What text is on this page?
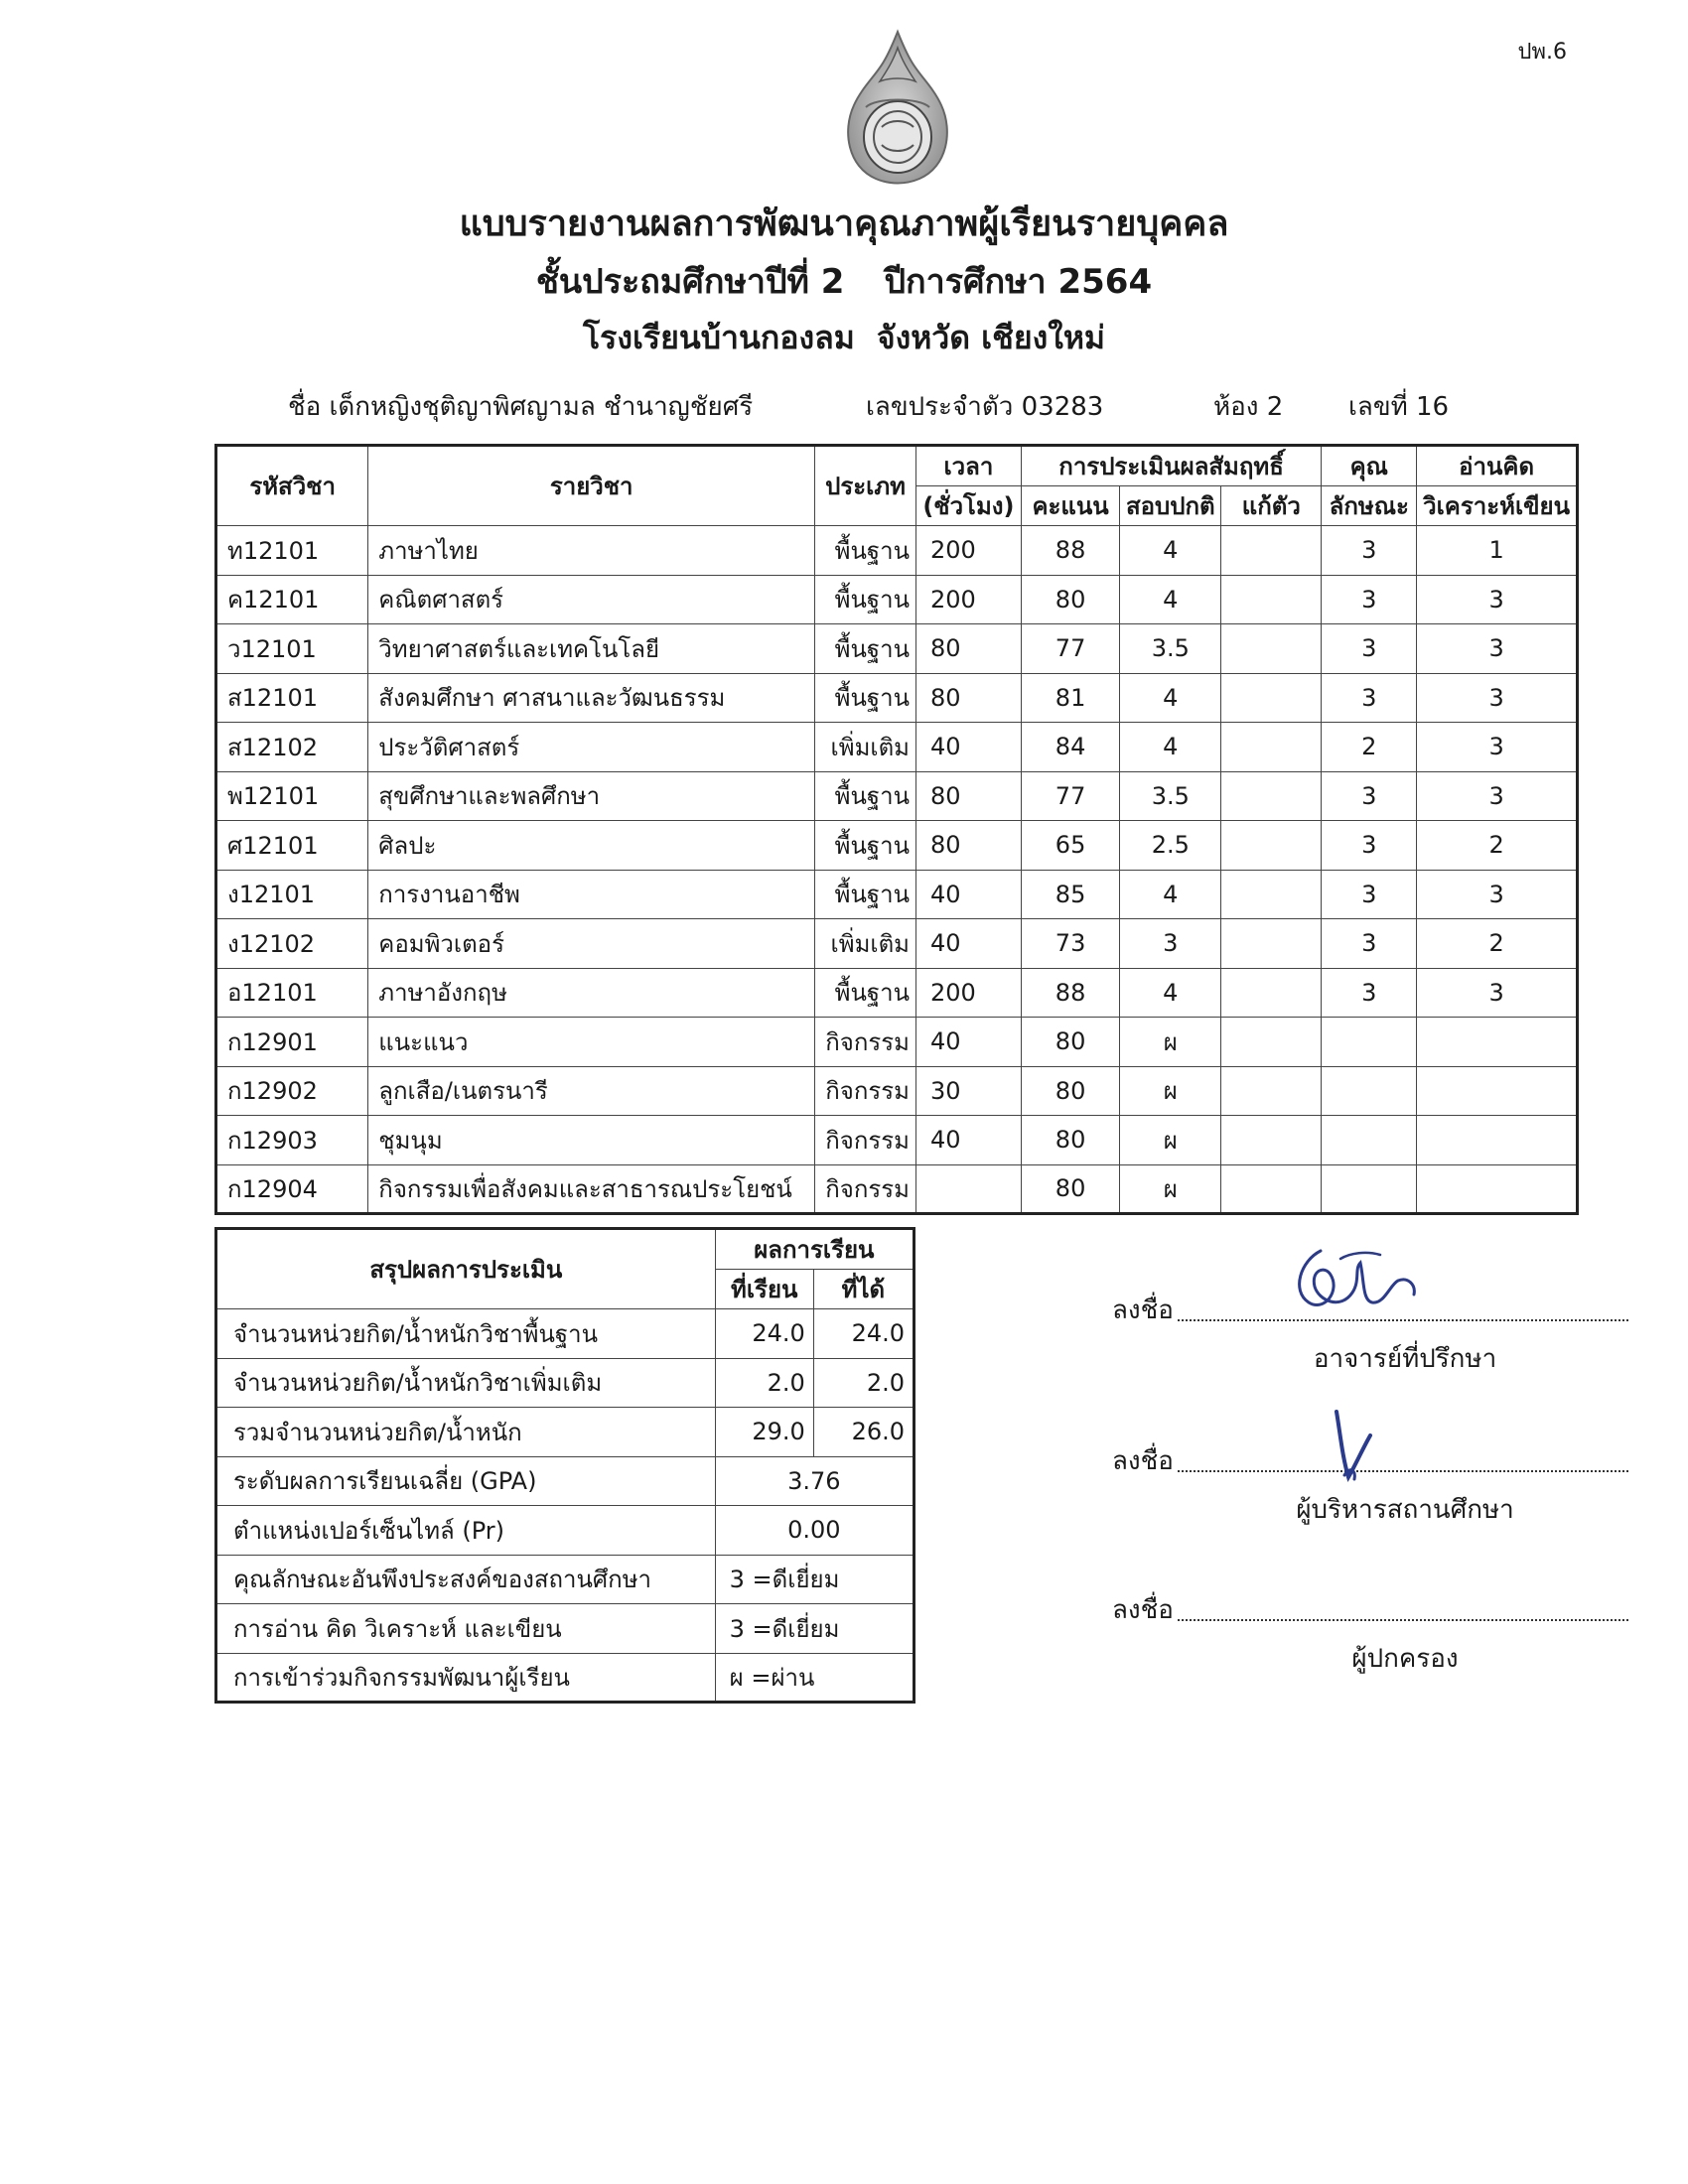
ปพ.6
แบบรายงานผลการพัฒนาคุณภาพผู้เรียนรายบุคคล
ชั้นประถมศึกษาปีที่ 2 ปีการศึกษา 2564
โรงเรียนบ้านกองลม จังหวัด เชียงใหม่
ชื่อ เด็กหญิงชุติญาพิศญามล ชำนาญชัยศรี	เลขประจำตัว 03283	ห้อง 2	เลขที่ 16
รหัสวิชา	รายวิชา	ประเภท	เวลา	การประเมินผลสัมฤทธิ์			คุณ	อ่านคิด
			(ชั่วโมง)	คะแนน	สอบปกติ	แก้ตัว	ลักษณะ	วิเคราะห์เขียน
ท12101	ภาษาไทย	พื้นฐาน	200	88	4		3	1
ค12101	คณิตศาสตร์	พื้นฐาน	200	80	4		3	3
ว12101	วิทยาศาสตร์และเทคโนโลยี	พื้นฐาน	80	77	3.5		3	3
ส12101	สังคมศึกษา ศาสนาและวัฒนธรรม	พื้นฐาน	80	81	4		3	3
ส12102	ประวัติศาสตร์	เพิ่มเติม	40	84	4		2	3
พ12101	สุขศึกษาและพลศึกษา	พื้นฐาน	80	77	3.5		3	3
ศ12101	ศิลปะ	พื้นฐาน	80	65	2.5		3	2
ง12101	การงานอาชีพ	พื้นฐาน	40	85	4		3	3
ง12102	คอมพิวเตอร์	เพิ่มเติม	40	73	3		3	2
อ12101	ภาษาอังกฤษ	พื้นฐาน	200	88	4		3	3
ก12901	แนะแนว	กิจกรรม	40	80	ผ			
ก12902	ลูกเสือ/เนตรนารี	กิจกรรม	30	80	ผ			
ก12903	ชุมนุม	กิจกรรม	40	80	ผ			
ก12904	กิจกรรมเพื่อสังคมและสาธารณประโยชน์	กิจกรรม		80	ผ			
สรุปผลการประเมิน	ผลการเรียน	
	ที่เรียน	ที่ได้
จำนวนหน่วยกิต/น้ำหนักวิชาพื้นฐาน	24.0	24.0
จำนวนหน่วยกิต/น้ำหนักวิชาเพิ่มเติม	2.0	2.0
รวมจำนวนหน่วยกิต/น้ำหนัก	29.0	26.0
ระดับผลการเรียนเฉลี่ย (GPA)	3.76	
ตำแหน่งเปอร์เซ็นไทล์ (Pr)	0.00	
คุณลักษณะอันพึงประสงค์ของสถานศึกษา	3 =ดีเยี่ยม	
การอ่าน คิด วิเคราะห์ และเขียน	3 =ดีเยี่ยม	
การเข้าร่วมกิจกรรมพัฒนาผู้เรียน	ผ =ผ่าน	
ลงชื่อ
อาจารย์ที่ปรึกษา
ลงชื่อ
ผู้บริหารสถานศึกษา
ลงชื่อ
ผู้ปกครอง
